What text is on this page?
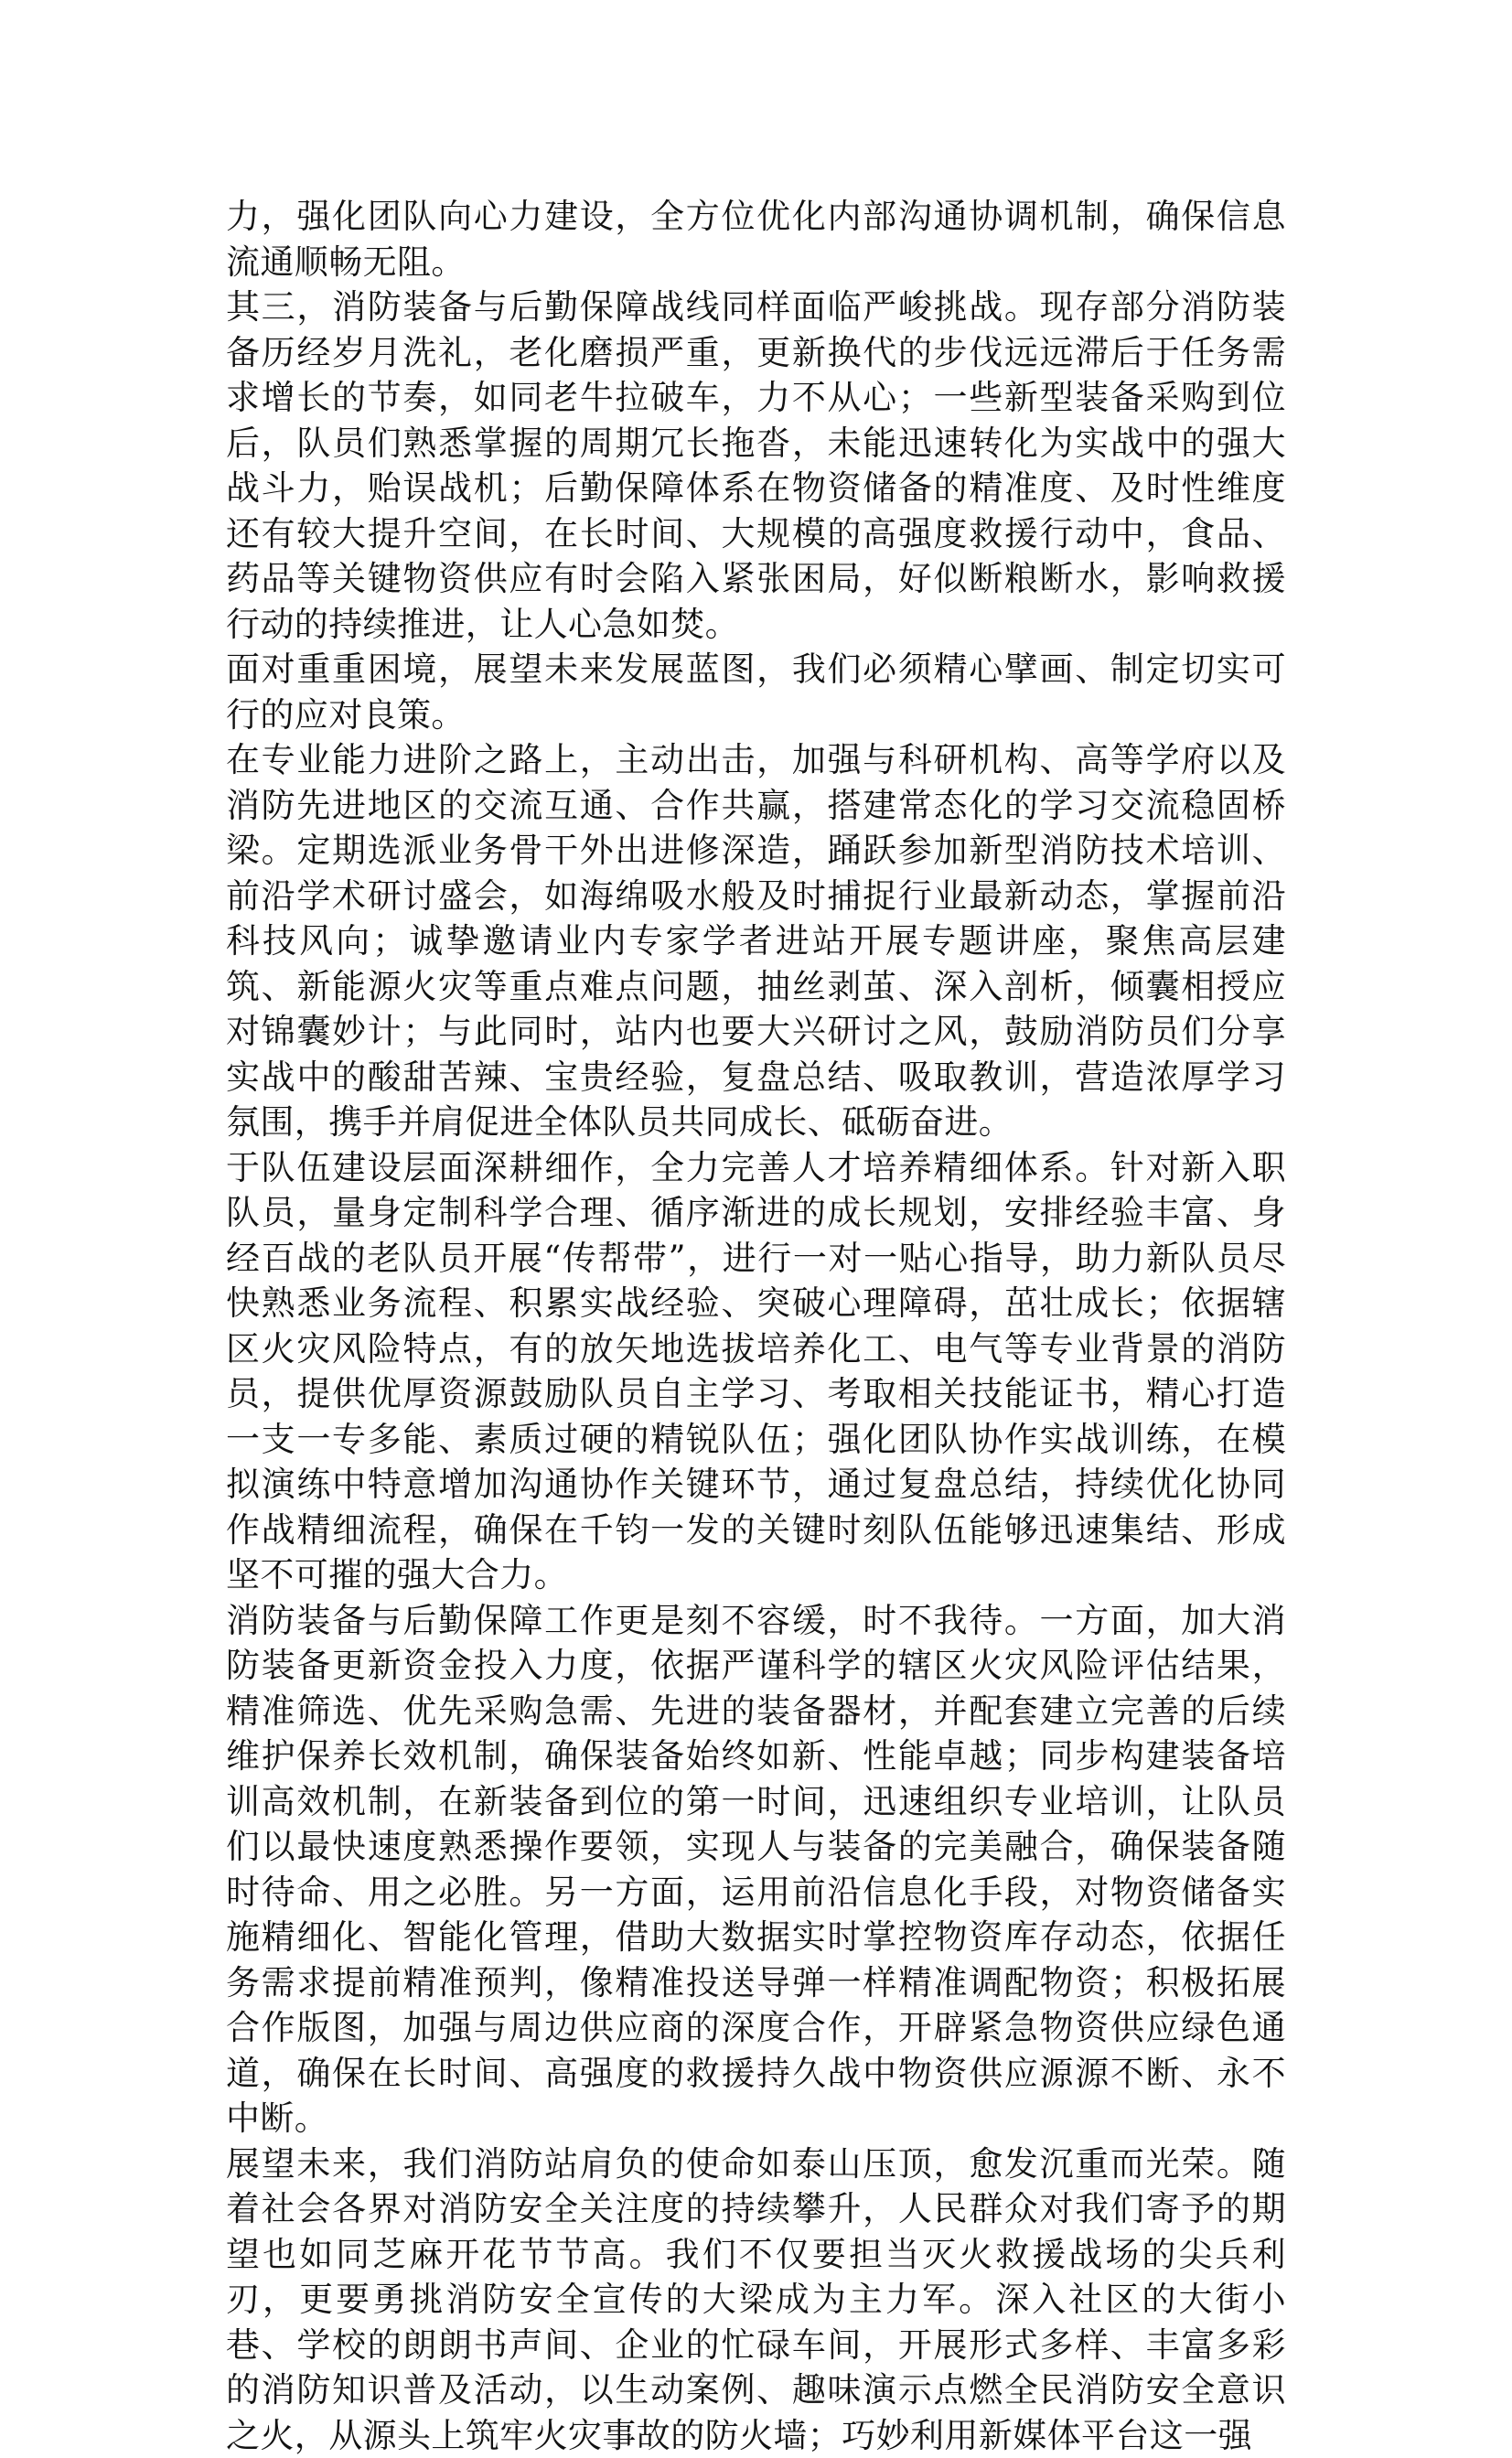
力，强化团队向心力建设，全方位优化内部沟通协调机制，确保信息流通顺畅无阻。

其三，消防装备与后勤保障战线同样面临严峻挑战。现存部分消防装备历经岁月洗礼，老化磨损严重，更新换代的步伐远远滞后于任务需求增长的节奏，如同老牛拉破车，力不从心；一些新型装备采购到位后，队员们熟悉掌握的周期冗长拖沓，未能迅速转化为实战中的强大战斗力，贻误战机；后勤保障体系在物资储备的精准度、及时性维度还有较大提升空间，在长时间、大规模的高强度救援行动中，食品、药品等关键物资供应有时会陷入紧张困局，好似断粮断水，影响救援行动的持续推进，让人心急如焚。

面对重重困境，展望未来发展蓝图，我们必须精心擘画、制定切实可行的应对良策。

在专业能力进阶之路上，主动出击，加强与科研机构、高等学府以及消防先进地区的交流互通、合作共赢，搭建常态化的学习交流稳固桥梁。定期选派业务骨干外出进修深造，踊跃参加新型消防技术培训、前沿学术研讨盛会，如海绵吸水般及时捕捉行业最新动态，掌握前沿科技风向；诚挚邀请业内专家学者进站开展专题讲座，聚焦高层建筑、新能源火灾等重点难点问题，抽丝剥茧、深入剖析，倾囊相授应对锦囊妙计；与此同时，站内也要大兴研讨之风，鼓励消防员们分享实战中的酸甜苦辣、宝贵经验，复盘总结、吸取教训，营造浓厚学习氛围，携手并肩促进全体队员共同成长、砥砺奋进。

于队伍建设层面深耕细作，全力完善人才培养精细体系。针对新入职队员，量身定制科学合理、循序渐进的成长规划，安排经验丰富、身经百战的老队员开展“传帮带”，进行一对一贴心指导，助力新队员尽快熟悉业务流程、积累实战经验、突破心理障碍，茁壮成长；依据辖区火灾风险特点，有的放矢地选拔培养化工、电气等专业背景的消防员，提供优厚资源鼓励队员自主学习、考取相关技能证书，精心打造一支一专多能、素质过硬的精锐队伍；强化团队协作实战训练，在模拟演练中特意增加沟通协作关键环节，通过复盘总结，持续优化协同作战精细流程，确保在千钧一发的关键时刻队伍能够迅速集结、形成坚不可摧的强大合力。

消防装备与后勤保障工作更是刻不容缓，时不我待。一方面，加大消防装备更新资金投入力度，依据严谨科学的辖区火灾风险评估结果，精准筛选、优先采购急需、先进的装备器材，并配套建立完善的后续维护保养长效机制，确保装备始终如新、性能卓越；同步构建装备培训高效机制，在新装备到位的第一时间，迅速组织专业培训，让队员们以最快速度熟悉操作要领，实现人与装备的完美融合，确保装备随时待命、用之必胜。另一方面，运用前沿信息化手段，对物资储备实施精细化、智能化管理，借助大数据实时掌控物资库存动态，依据任务需求提前精准预判，像精准投送导弹一样精准调配物资；积极拓展合作版图，加强与周边供应商的深度合作，开辟紧急物资供应绿色通道，确保在长时间、高强度的救援持久战中物资供应源源不断、永不中断。

展望未来，我们消防站肩负的使命如泰山压顶，愈发沉重而光荣。随着社会各界对消防安全关注度的持续攀升，人民群众对我们寄予的期望也如同芝麻开花节节高。我们不仅要担当灭火救援战场的尖兵利刃，更要勇挑消防安全宣传的大梁成为主力军。深入社区的大街小巷、学校的朗朗书声间、企业的忙碌车间，开展形式多样、丰富多彩的消防知识普及活动，以生动案例、趣味演示点燃全民消防安全意识之火，从源头上筑牢火灾事故的防火墙；巧妙利用新媒体平台这一强
